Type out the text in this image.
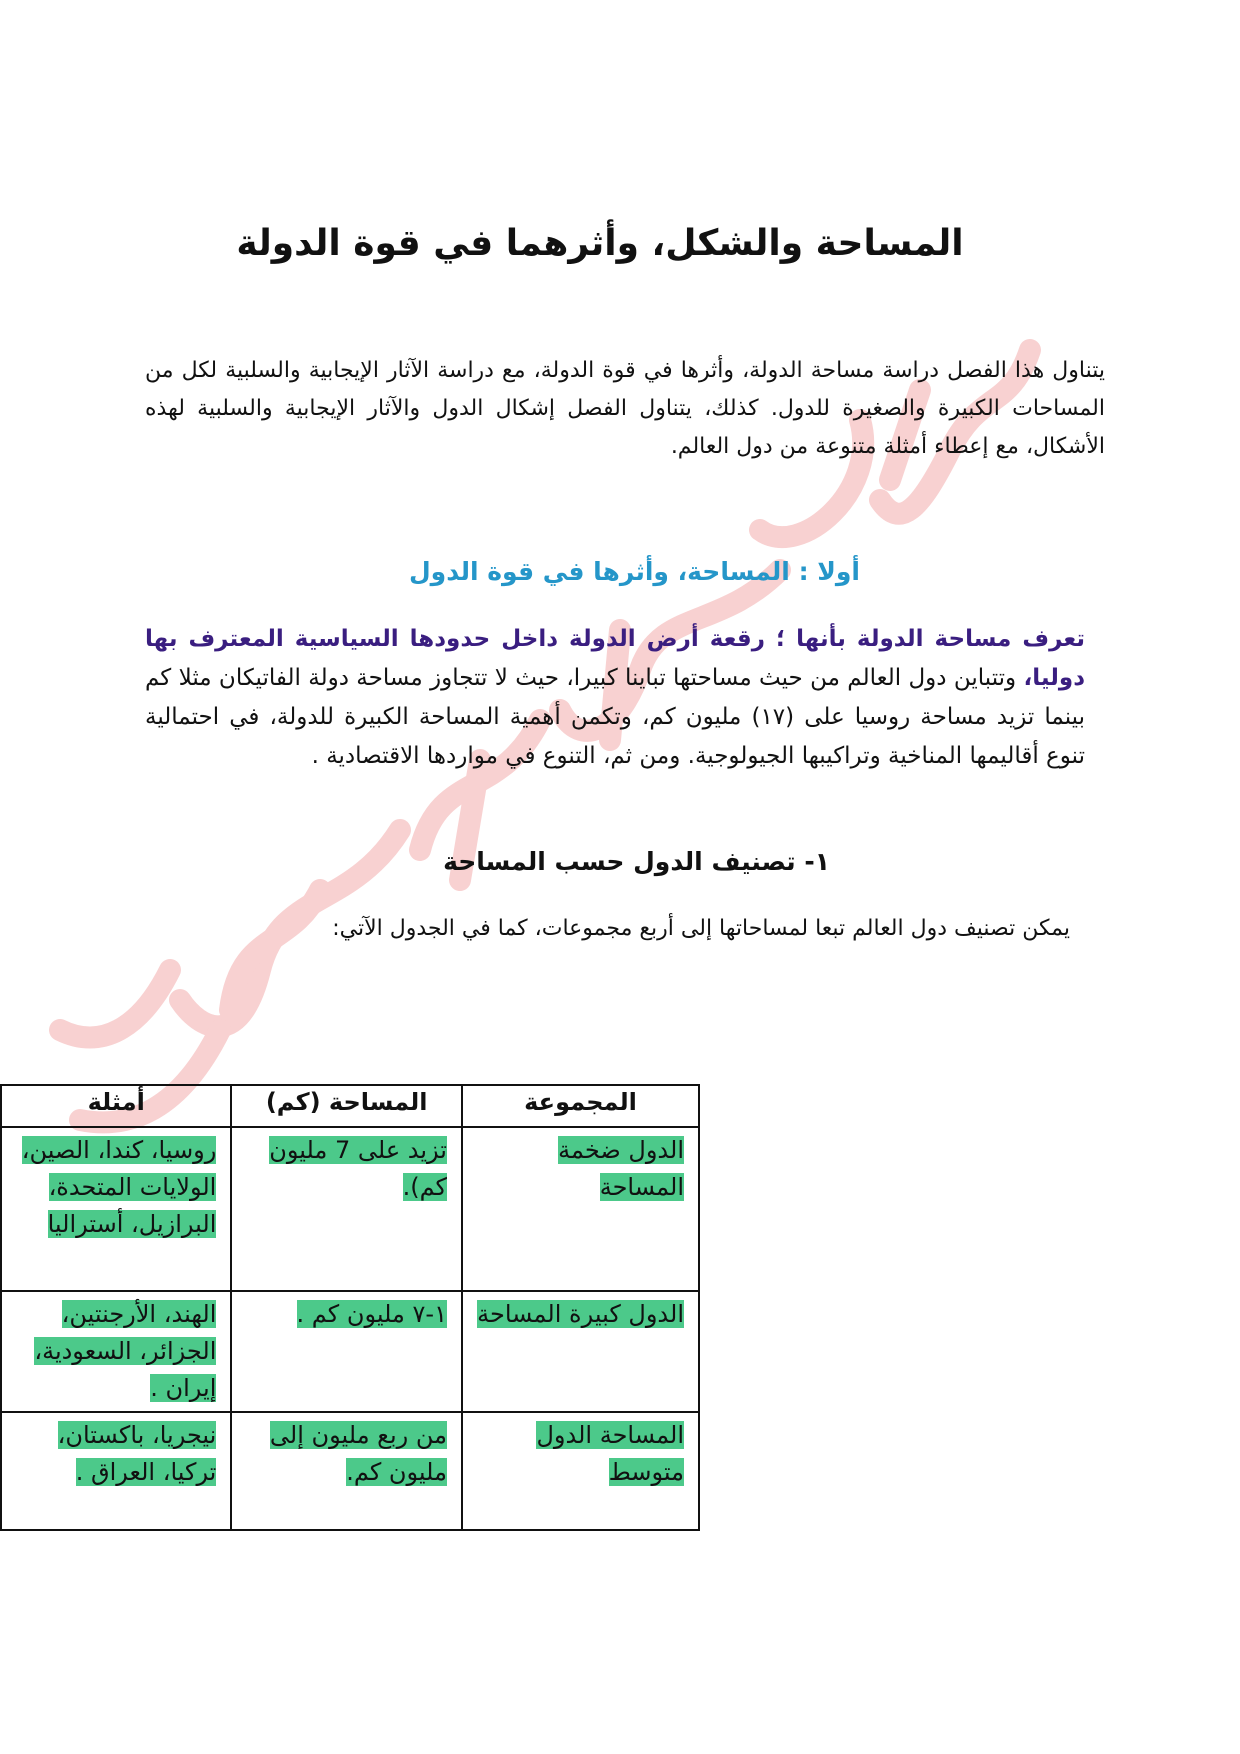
المساحة والشكل، وأثرهما في قوة الدولة

يتناول هذا الفصل دراسة مساحة الدولة، وأثرها في قوة الدولة، مع دراسة الآثار الإيجابية والسلبية لكل من المساحات الكبيرة والصغيرة للدول. كذلك، يتناول الفصل إشكال الدول والآثار الإيجابية والسلبية لهذه الأشكال، مع إعطاء أمثلة متنوعة من دول العالم.

أولا : المساحة، وأثرها في قوة الدول

تعرف مساحة الدولة بأنها ؛ رقعة أرض الدولة داخل حدودها السياسية المعترف بها دوليا، وتتباين دول العالم من حيث مساحتها تباينا كبيرا، حيث لا تتجاوز مساحة دولة الفاتيكان مثلا كم بينما تزيد مساحة روسيا على (١٧) مليون كم، وتكمن أهمية المساحة الكبيرة للدولة، في احتمالية تنوع أقاليمها المناخية وتراكيبها الجيولوجية. ومن ثم، التنوع في مواردها الاقتصادية .

١- تصنيف الدول حسب المساحة

يمكن تصنيف دول العالم تبعا لمساحاتها إلى أربع مجموعات، كما في الجدول الآتي:

المجموعة	المساحة (كم)	أمثلة
الدول ضخمة المساحة	تزيد على 7 مليون كم).	روسيا، كندا، الصين، الولايات المتحدة، البرازيل، أستراليا
الدول كبيرة المساحة	١-٧ مليون كم .	الهند، الأرجنتين، الجزائر، السعودية، إيران .
المساحة الدول متوسط	من ربع مليون إلى مليون كم.	نيجريا، باكستان، تركيا، العراق .
